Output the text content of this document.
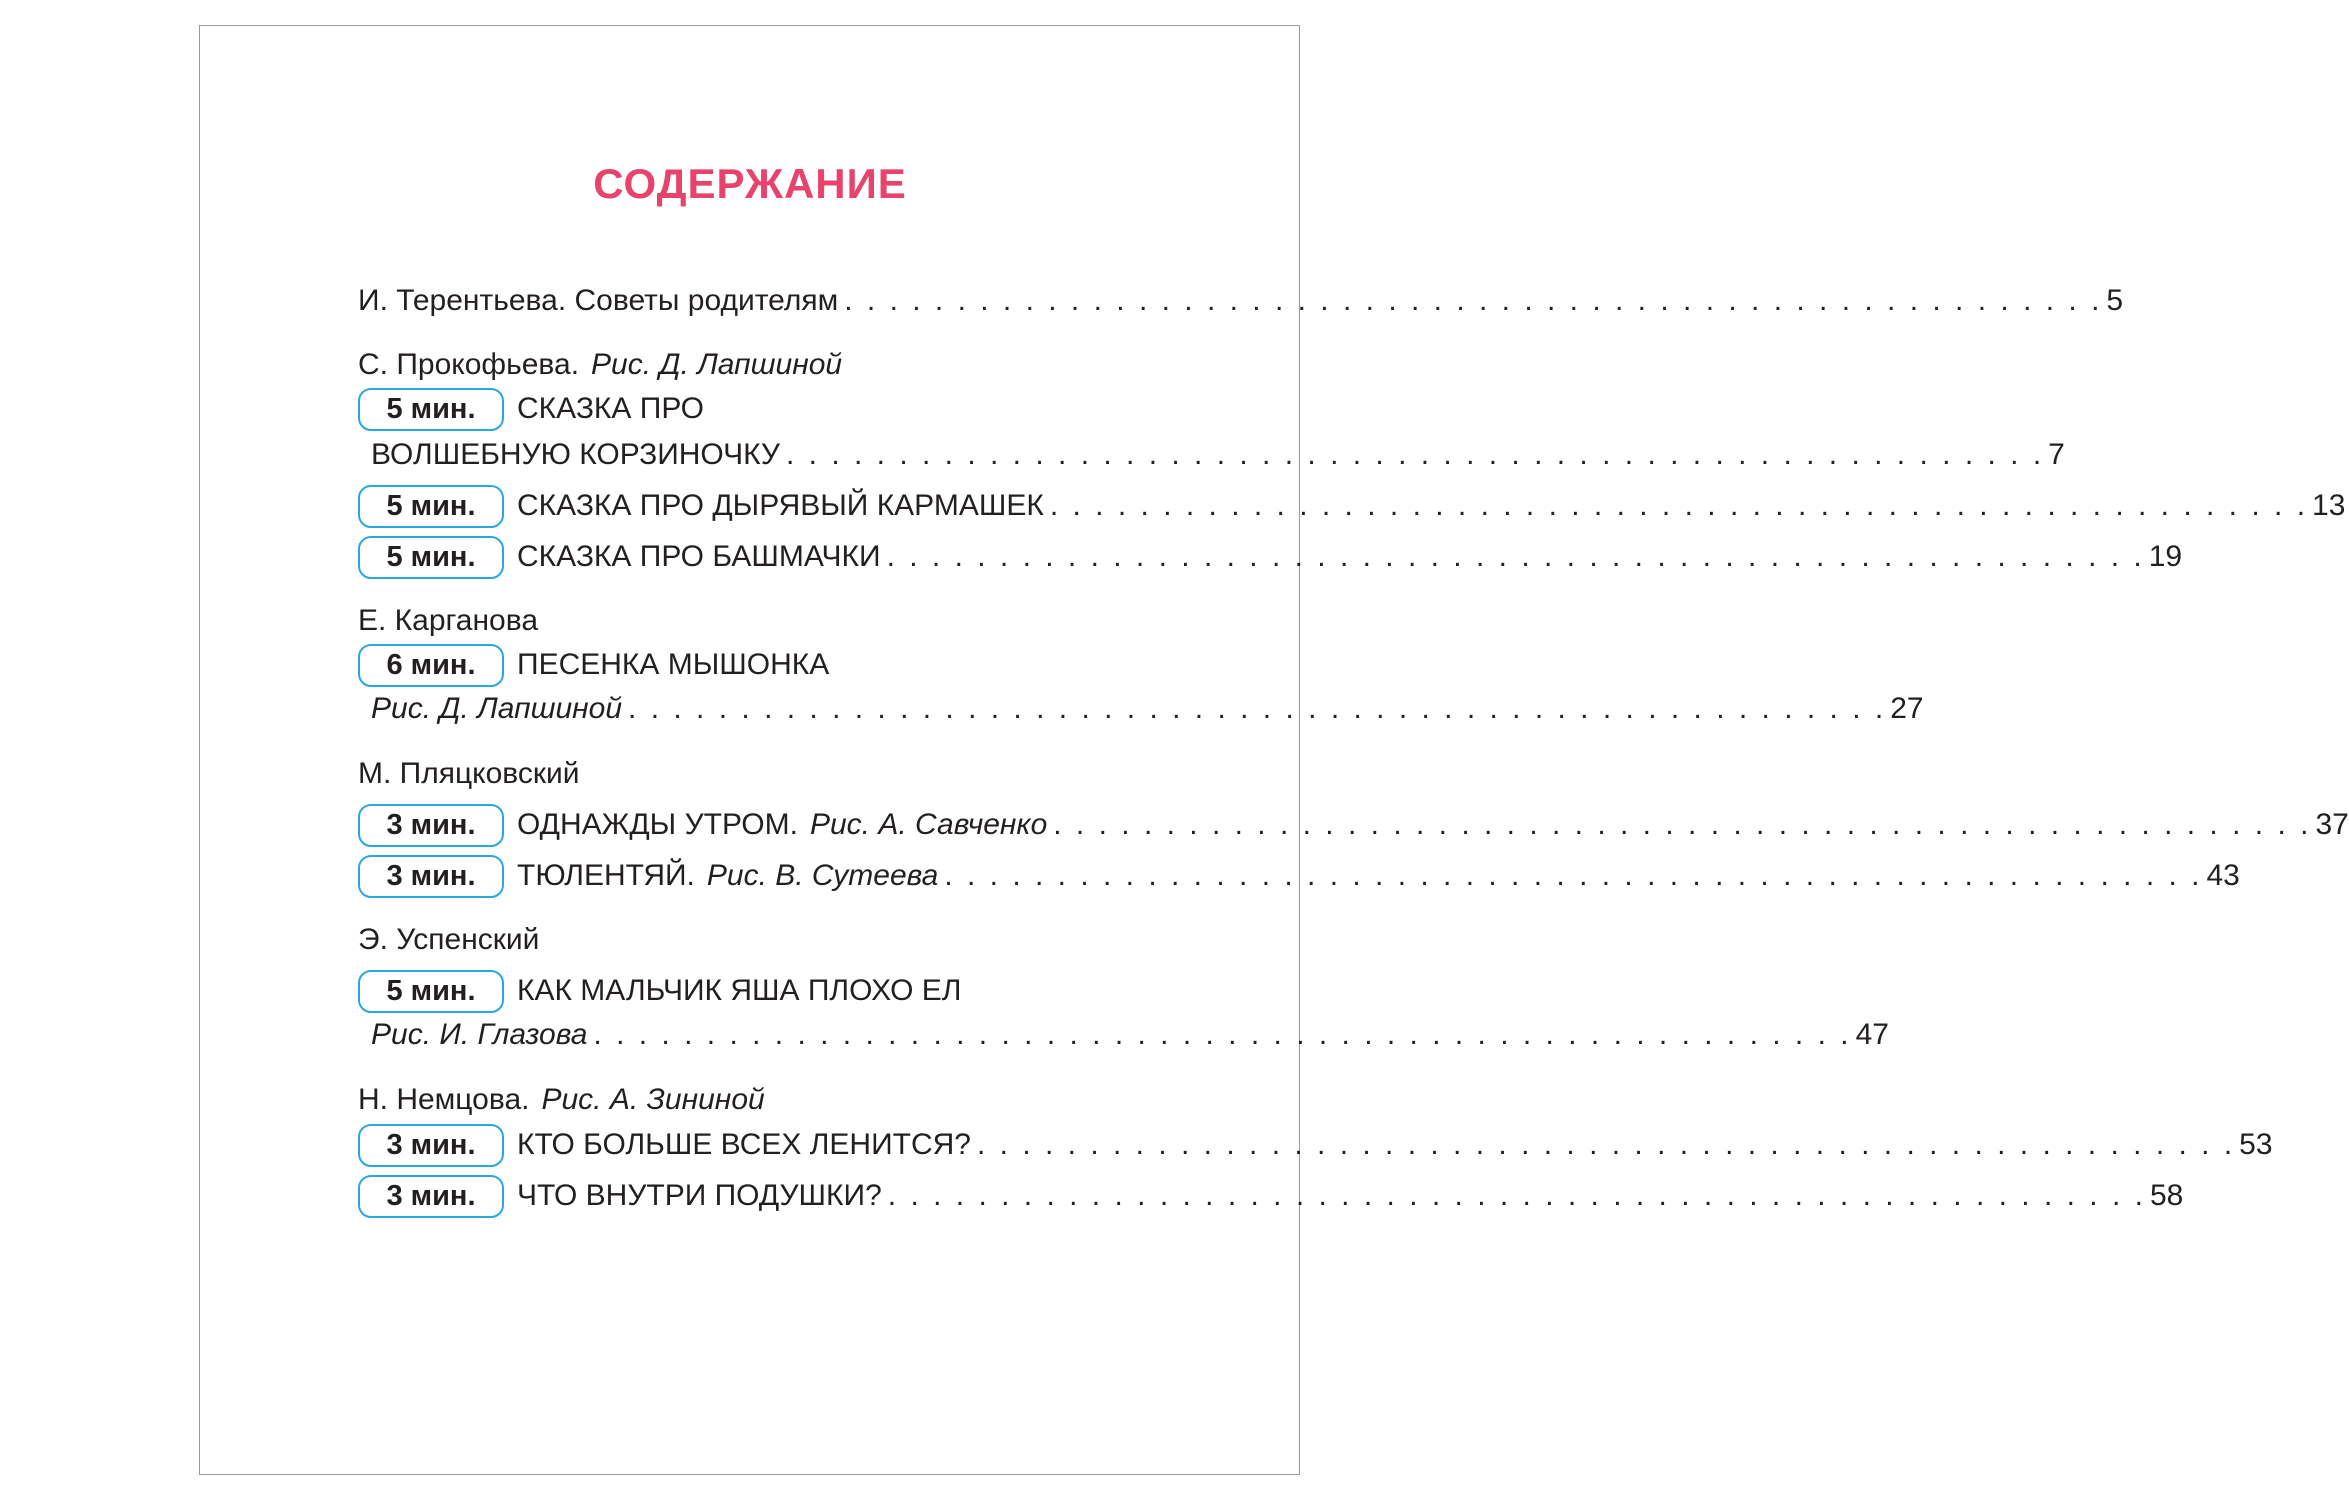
СОДЕРЖАНИЕ
И. Терентьева. Советы родителям . . . . . . . . . . . . . . . . . . . . . . . . . . . . . . . . . . . . . . . . . . . . . . . . . . . . . . . . 5
С. Прокофьева. Рис. Д. Лапшиной
5 мин.	СКАЗКА ПРО
ВОЛШЕБНУЮ КОРЗИНОЧКУ . . . . . . . . . . . . . . . . . . . . . . . . . . . . . . . . . . . . . . . . . . . . . . . . . . . . . . . . 7
5 мин.	СКАЗКА ПРО ДЫРЯВЫЙ КАРМАШЕК . . . . . . . . . . . . . . . . . . . . . . . . . . . . . . . . . . . . . . . . . . . . . . . . . . . . . . . . 13
5 мин.	СКАЗКА ПРО БАШМАЧКИ . . . . . . . . . . . . . . . . . . . . . . . . . . . . . . . . . . . . . . . . . . . . . . . . . . . . . . . . 19
Е. Карганова
6 мин.	ПЕСЕНКА МЫШОНКА
Рис. Д. Лапшиной . . . . . . . . . . . . . . . . . . . . . . . . . . . . . . . . . . . . . . . . . . . . . . . . . . . . . . . . 27
М. Пляцковский
3 мин.	ОДНАЖДЫ УТРОМ. Рис. А. Савченко . . . . . . . . . . . . . . . . . . . . . . . . . . . . . . . . . . . . . . . . . . . . . . . . . . . . . . . . 37
3 мин.	ТЮЛЕНТЯЙ. Рис. В. Сутеева . . . . . . . . . . . . . . . . . . . . . . . . . . . . . . . . . . . . . . . . . . . . . . . . . . . . . . . . 43
Э. Успенский
5 мин.	КАК МАЛЬЧИК ЯША ПЛОХО ЕЛ
Рис. И. Глазова . . . . . . . . . . . . . . . . . . . . . . . . . . . . . . . . . . . . . . . . . . . . . . . . . . . . . . . . 47
Н. Немцова. Рис. А. Зининой
3 мин.	КТО БОЛЬШЕ ВСЕХ ЛЕНИТСЯ? . . . . . . . . . . . . . . . . . . . . . . . . . . . . . . . . . . . . . . . . . . . . . . . . . . . . . . . . 53
3 мин.	ЧТО ВНУТРИ ПОДУШКИ? . . . . . . . . . . . . . . . . . . . . . . . . . . . . . . . . . . . . . . . . . . . . . . . . . . . . . . . . 58
